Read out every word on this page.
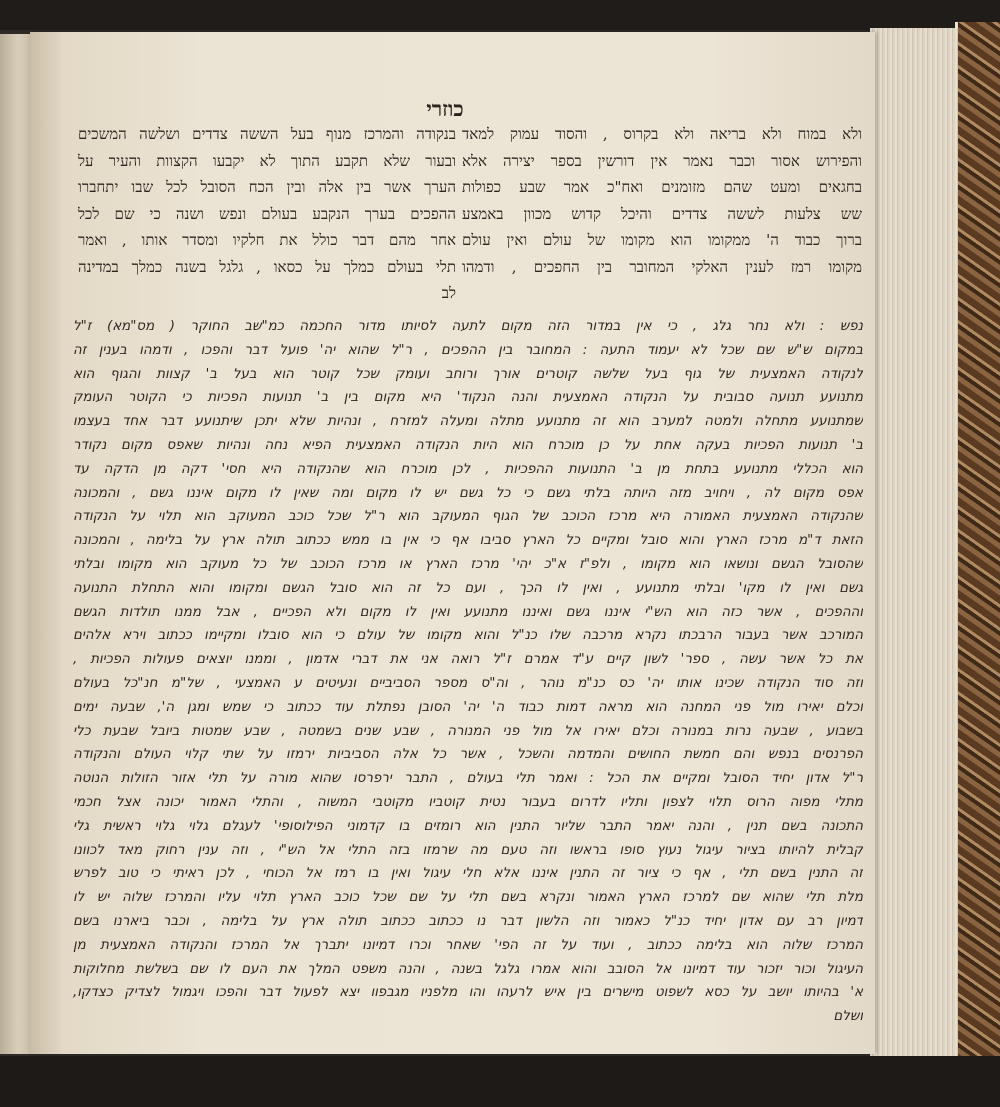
כוזרי
ולא במוח ולא בריאה ולא בקרוס , והסוד עמוק למאד
והפירוש אסור וכבר נאמר אין דורשין בספר יצירה אלא
בחגאים ומעט שהם מזומנים ואח"כ אמר שבע כפולות
שש צלעות לששה צדדים והיכל קדוש מכוון באמצע
ברוך כבוד ה' ממקומו הוא מקומו של עולם ואין עולם
מקומו רמז לענין האלקי המחובר בין החפכים , ודמהו
בנקודה והמרכז מנוף בעל הששה צדדים ושלשה המשכים
ובעור שלא תקבע התוך לא יקבעו הקצוות והעיר על
הערך אשר בין אלה ובין הכח הסובל לכל שבו יתחברו
ההפכים בערך הנקבע בעולם ונפש ושנה כי שם לכל
אחר מהם דבר כולל את חלקיו ומסדר אותו , ואמר
תלי בעולם כמלך על כסאו , גלגל בשנה כמלך במדינה
לב
נפש : ולא נחר גלג , כי אין במדור הזה מקום לתעה לסיותו מדור החכמה כמ"שב החוקר ( מס"מא) ז"ל
במקום ש"ש שם שכל לא יעמוד התעה : המחובר בין ההפכים , ר"ל שהוא יה' פועל דבר והפכו , ודמהו בענין זה
לנקודה האמצעית של גוף בעל שלשה קוטרים אורך ורוחב ועומק שכל קוטר הוא בעל ב' קצוות והגוף הוא
מתנועע תנועה סבובית על הנקודה האמצעית והנה הנקוד' היא מקום בין ב' תנועות הפכיות כי הקוטר העומק
שמתנועע מתחלה ולמטה למערב הוא זה מתנועע מתלה ומעלה למזרח , ונהיות שלא יתכן שיתנועע דבר אחד בעצמו
ב' תנועות הפכיות בעקה אחת על כן מוכרח הוא היות הנקודה האמצעית הפיא נחה ונהיות שאפס מקום נקודר
הוא הכללי מתנועע בתחת מן ב' התנועות ההפכיות , לכן מוכרח הוא שהנקודה היא חסי' דקה מן הדקה עד
אפס מקום לה , ויחויב מזה היותה בלתי גשם כי כל גשם יש לו מקום ומה שאין לו מקום איננו גשם , והמכונה
שהנקודה האמצעית האמורה היא מרכז הכוכב של הגוף המעוקב הוא ר"ל שכל כוכב המעוקב הוא תלוי על הנקודה
הזאת ד"מ מרכז הארץ והוא סובל ומקיים כל הארץ סביבו אף כי אין בו ממש ככתוב תולה ארץ על בלימה , והמכונה
שהסובל הגשם ונושאו הוא מקומו , ולפ"ז א"כ יהי' מרכז הארץ או מרכז הכוכב של כל מעוקב הוא מקומו ובלתי
גשם ואין לו מקו' ובלתי מתנועע , ואין לו הכך , ועם כל זה הוא סובל הגשם ומקומו והוא התחלת התנועה
וההפכים , אשר כזה הוא הש"י איננו גשם ואיננו מתנועע ואין לו מקום ולא הפכיים , אבל ממנו תולדות הגשם
המורכב אשר בעבור הרבכתו נקרא מרכבה שלו כנ"ל והוא מקומו של עולם כי הוא סובלו ומקיימו ככתוב וירא אלהים
את כל אשר עשה , ספר' לשון קיים ע"ד אמרם ז"ל רואה אני את דברי אדמון , וממנו יוצאים פעולות הפכיות ,
וזה סוד הנקודה שכינו אותו יה' כס כנ"מ נוהר , וה"ס מספר הסביביים ונעיטים ע האמצעי , של"מ חנ"כל בעולם
וכלם יאירו מול פני המחנה הוא מראה דמות כבוד ה' יה' הסובן נפתלת עוד ככתוב כי שמש ומגן ה', שבעה ימים
בשבוע , שבעה נרות במנורה וכלם יאירו אל מול פני המנורה , שבע שנים בשמטה , שבע שמטות ביובל שבעת כלי
הפרנסים בנפש והם חמשת החושים והמדמה והשכל , אשר כל אלה הסביביות ירמזו על שתי קלוי העולם והנקודה
ר"ל אדון יחיד הסובל ומקיים את הכל : ואמר תלי בעולם , התבר ירפרסו שהוא מורה על תלי אזור הזולות הנוטה
מתלי מפוה הרוס תלוי לצפון ותליו לדרום בעבור נטית קוטביו מקוטבי המשוה , והתלי האמור יכונה אצל חכמי
התכונה בשם תנין , והנה יאמר התבר שליור התנין הוא רומזים בו קדמוני הפילוסופי' לעגלם גלוי גלוי ראשית גלי
קבלית להיותו בציור עיגול נעוץ סופו בראשו וזה טעם מה שרמזו בזה התלי אל הש"י , וזה ענין רחוק מאד לכוונו
זה התנין בשם תלי , אף כי ציור זה התנין איננו אלא חלי עיגול ואין בו רמז אל הכוחי , לכן ראיתי כי טוב לפרש
מלת תלי שהוא שם למרכז הארץ האמור ונקרא בשם תלי על שם שכל כוכב הארץ תלוי עליו והמרכז שלוה יש לו
דמיון רב עם אדון יחיד כנ"ל כאמור וזה הלשון דבר נו ככתוב ככתוב תולה ארץ על בלימה , וכבר ביארנו בשם
המרכז שלוה הוא בלימה ככתוב , ועוד על זה הפי' שאחר וכרו דמיונו יתברך אל המרכז והנקודה האמצעית מן
העיגול וכור יזכור עוד דמיונו אל הסובב והוא אמרו גלגל בשנה , והנה משפט המלך את העם לו שם בשלשת מחלוקות
א' בהיותו יושב על כסא לשפוט מישרים בין איש לרעהו והו מלפניו מגבפוו יצא לפעול דבר והפכו ויגמול לצדיק כצדקו,
ושלם
